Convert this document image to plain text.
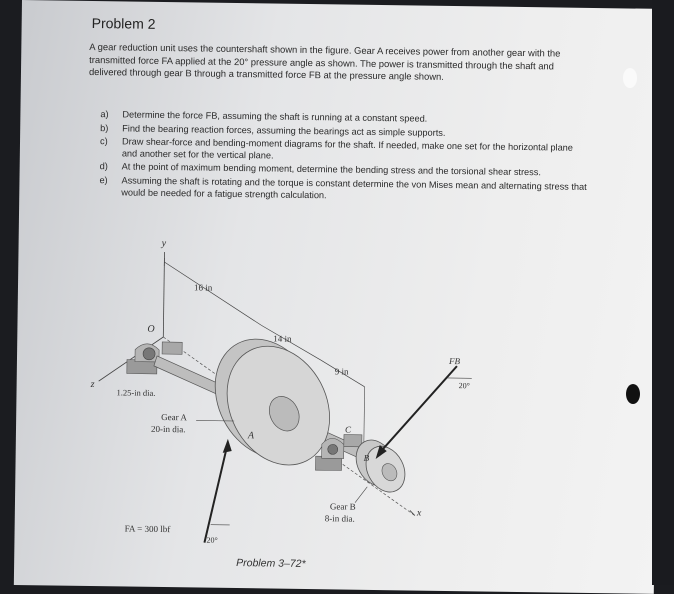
Problem 2
A gear reduction unit uses the countershaft shown in the figure. Gear A receives power from another gear with the transmitted force FA applied at the 20° pressure angle as shown. The power is transmitted through the shaft and delivered through gear B through a transmitted force FB at the pressure angle shown.
a) Determine the force FB, assuming the shaft is running at a constant speed.
b) Find the bearing reaction forces, assuming the bearings act as simple supports.
c) Draw shear-force and bending-moment diagrams for the shaft. If needed, make one set for the horizontal plane and another set for the vertical plane.
d) At the point of maximum bending moment, determine the bending stress and the torsional shear stress.
e) Assuming the shaft is rotating and the torque is constant determine the von Mises mean and alternating stress that would be needed for a fatigue strength calculation.
y
z
x
O
16 in
14 in
9 in
1.25-in dia.
A
Gear A
20-in dia.
FA = 300 lbf
20°
C
B
Gear B
8-in dia.
FB
20°
Problem 3–72*
